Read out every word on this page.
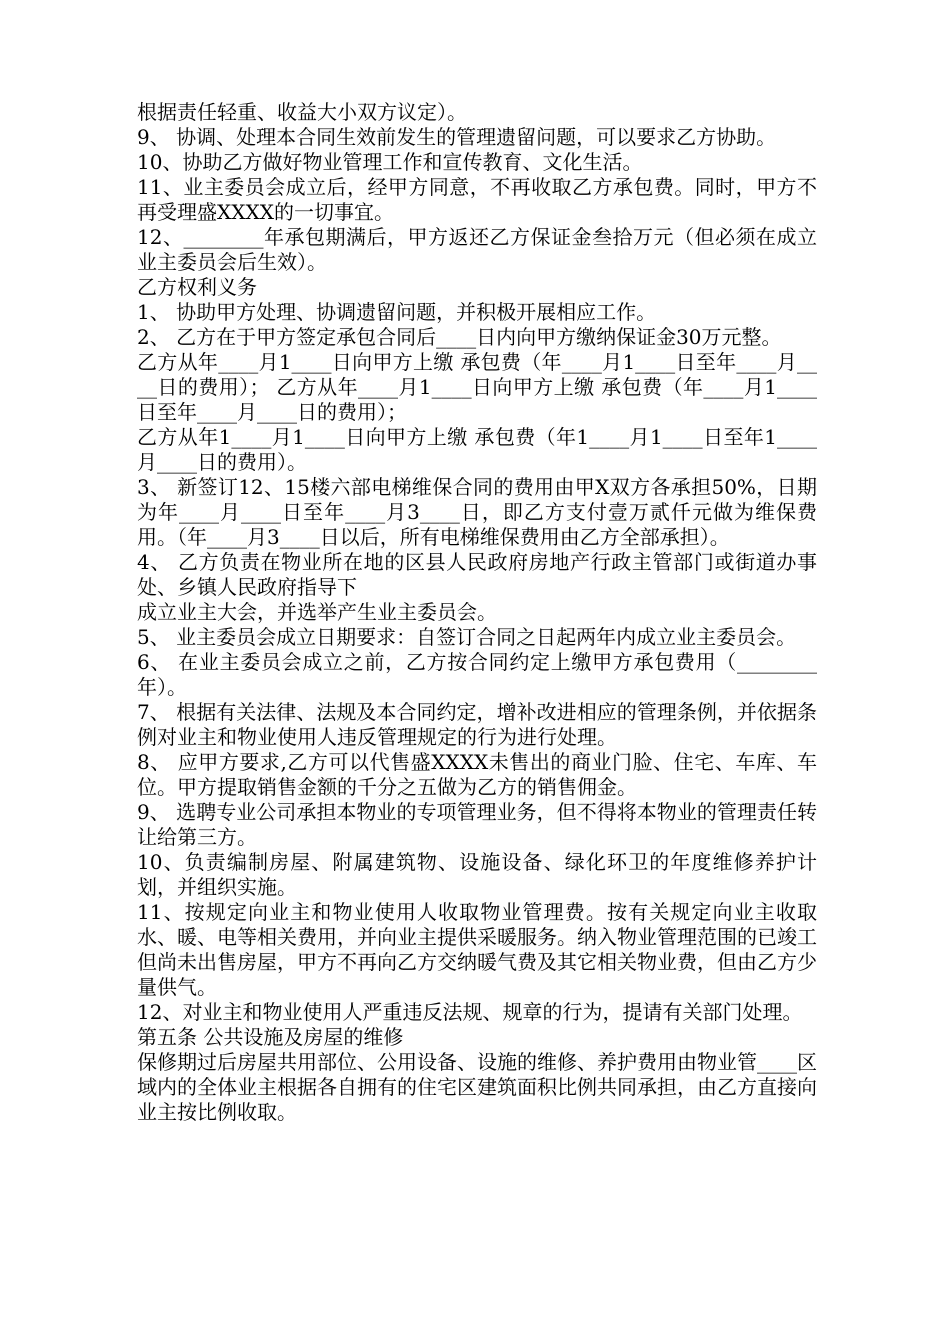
根据责任轻重、收益大小双方议定）。

9、 协调、处理本合同生效前发生的管理遗留问题，可以要求乙方协助。

10、协助乙方做好物业管理工作和宣传教育、文化生活。

11、业主委员会成立后，经甲方同意，不再收取乙方承包费。同时，甲方不再受理盛XXXX的一切事宜。

12、________年承包期满后，甲方返还乙方保证金叁拾万元（但必须在成立业主委员会后生效）。

乙方权利义务

1、 协助甲方处理、协调遗留问题，并积极开展相应工作。

2、 乙方在于甲方签定承包合同后____日内向甲方缴纳保证金30万元整。

乙方从年____月1____日向甲方上缴 承包费（年____月1____日至年____月____日的费用）； 乙方从年____月1____日向甲方上缴 承包费（年____月1____日至年____月____日的费用）；

乙方从年1____月1____日向甲方上缴 承包费（年1____月1____日至年1____月____日的费用）。

3、 新签订12、15楼六部电梯维保合同的费用由甲X双方各承担50%，日期为年____月____日至年____月3____日，即乙方支付壹万贰仟元做为维保费用。（年____月3____日以后，所有电梯维保费用由乙方全部承担）。

4、 乙方负责在物业所在地的区县人民政府房地产行政主管部门或街道办事处、乡镇人民政府指导下

成立业主大会，并选举产生业主委员会。

5、 业主委员会成立日期要求：自签订合同之日起两年内成立业主委员会。

6、 在业主委员会成立之前，乙方按合同约定上缴甲方承包费用（________年）。

7、 根据有关法律、法规及本合同约定，增补改进相应的管理条例，并依据条例对业主和物业使用人违反管理规定的行为进行处理。

8、 应甲方要求,乙方可以代售盛XXXX未售出的商业门脸、住宅、车库、车位。甲方提取销售金额的千分之五做为乙方的销售佣金。

9、 选聘专业公司承担本物业的专项管理业务，但不得将本物业的管理责任转让给第三方。

10、负责编制房屋、附属建筑物、设施设备、绿化环卫的年度维修养护计划，并组织实施。

11、按规定向业主和物业使用人收取物业管理费。按有关规定向业主收取水、暖、电等相关费用，并向业主提供采暖服务。纳入物业管理范围的已竣工但尚未出售房屋，甲方不再向乙方交纳暖气费及其它相关物业费，但由乙方少量供气。

12、对业主和物业使用人严重违反法规、规章的行为，提请有关部门处理。

第五条 公共设施及房屋的维修

保修期过后房屋共用部位、公用设备、设施的维修、养护费用由物业管____区域内的全体业主根据各自拥有的住宅区建筑面积比例共同承担，由乙方直接向业主按比例收取。
